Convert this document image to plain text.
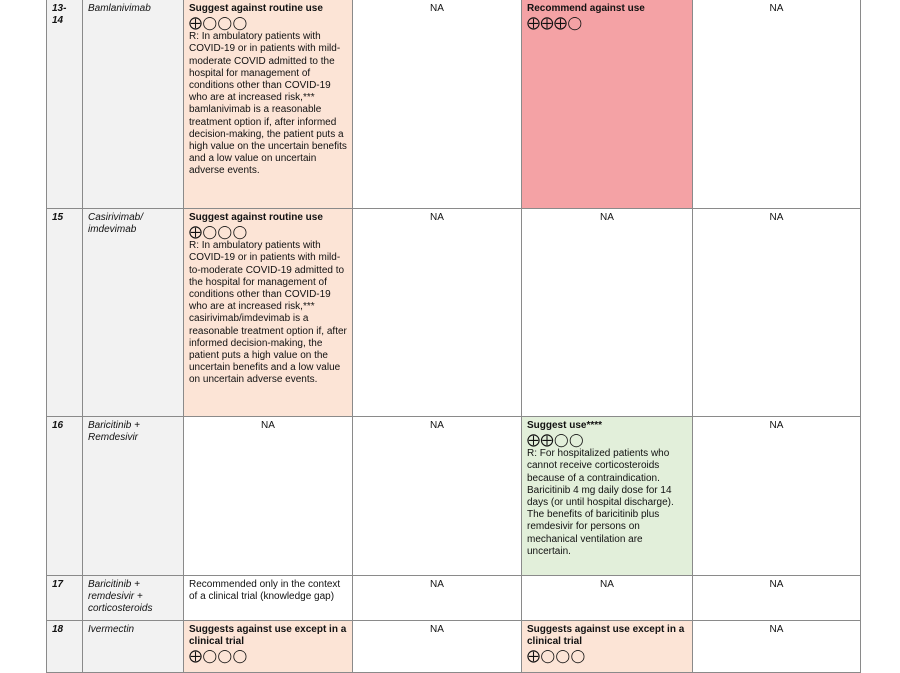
13-
14	Bamlanivimab	Suggest against routine use
⨁◯◯◯
R: In ambulatory patients with COVID-19 or in patients with mild-moderate COVID admitted to the hospital for management of conditions other than COVID-19 who are at increased risk,*** bamlanivimab is a reasonable treatment option if, after informed decision-making, the patient puts a high value on the uncertain benefits and a low value on uncertain adverse events.	NA	Recommend against use
⨁⨁⨁◯	NA
15	Casirivimab/
imdevimab	Suggest against routine use
⨁◯◯◯
R: In ambulatory patients with COVID-19 or in patients with mild-to-moderate COVID-19 admitted to the hospital for management of conditions other than COVID-19 who are at increased risk,*** casirivimab/imdevimab is a reasonable treatment option if, after informed decision-making, the patient puts a high value on the uncertain benefits and a low value on uncertain adverse events.	NA	NA	NA
16	Baricitinib +
Remdesivir	NA	NA	Suggest use****
⨁⨁◯◯
R: For hospitalized patients who cannot receive corticosteroids because of a contraindication. Baricitinib 4 mg daily dose for 14 days (or until hospital discharge). The benefits of baricitinib plus remdesivir for persons on mechanical ventilation are uncertain.	NA
17	Baricitinib +
remdesivir +
corticosteroids	Recommended only in the context of a clinical trial (knowledge gap)	NA	NA	NA
18	Ivermectin	Suggests against use except in a clinical trial
⨁◯◯◯	NA	Suggests against use except in a clinical trial
⨁◯◯◯	NA
